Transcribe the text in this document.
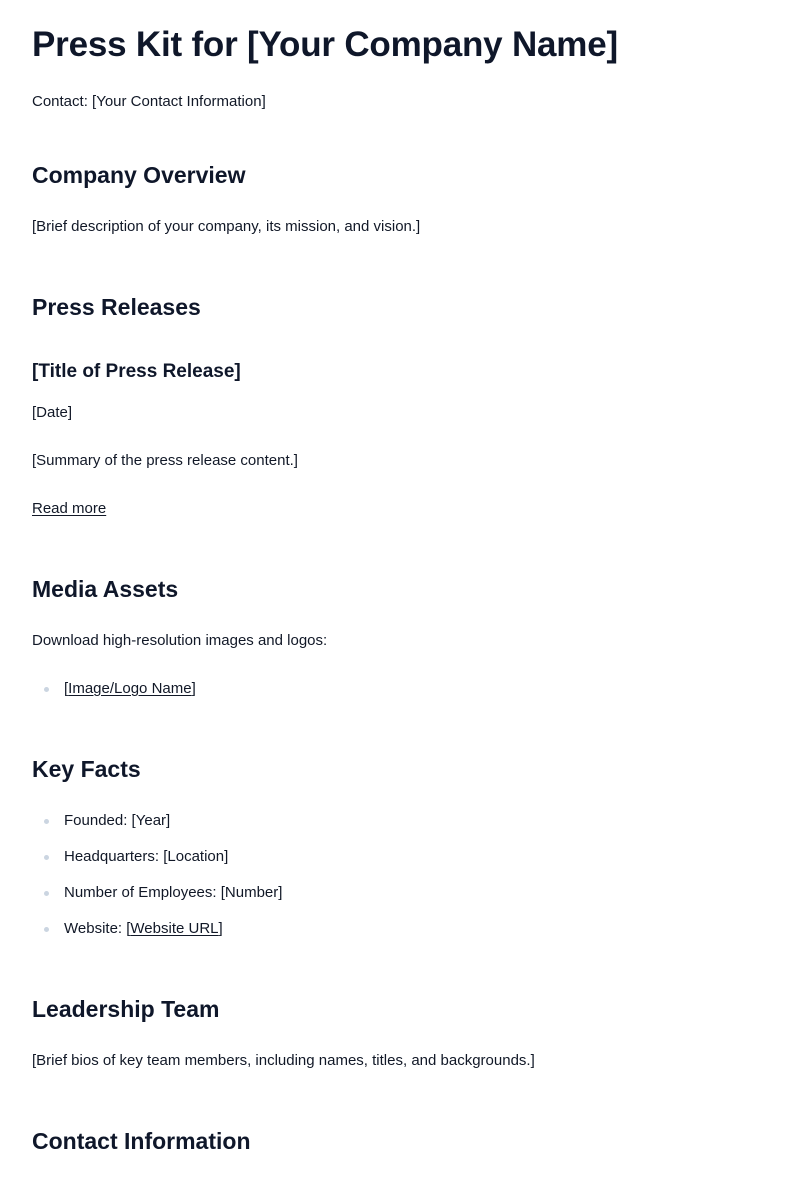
Press Kit for [Your Company Name]

Contact: [Your Contact Information]

Company Overview

[Brief description of your company, its mission, and vision.]

Press Releases
[Title of Press Release]

[Date]

[Summary of the press release content.]

Read more

Media Assets

Download high-resolution images and logos:

[Image/Logo Name]
Key Facts
Founded: [Year]
Headquarters: [Location]
Number of Employees: [Number]
Website: [Website URL]
Leadership Team

[Brief bios of key team members, including names, titles, and backgrounds.]

Contact Information
